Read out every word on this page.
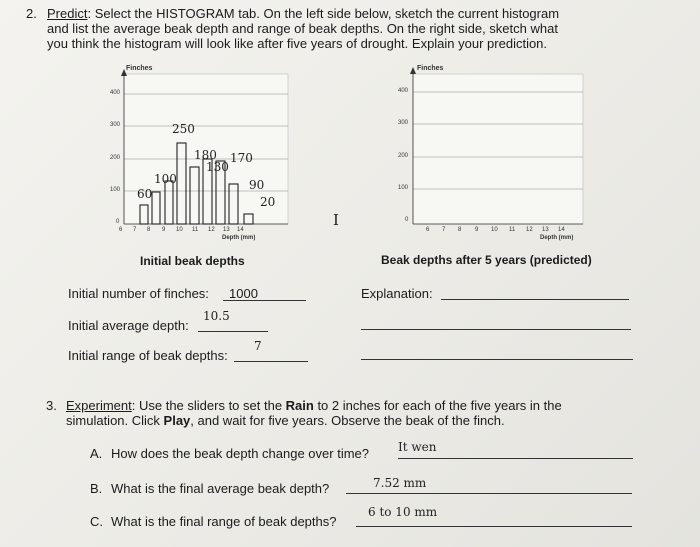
2. Predict: Select the HISTOGRAM tab. On the left side below, sketch the current histogram
and list the average beak depth and range of beak depths. On the right side, sketch what
you think the histogram will look like after five years of drought. Explain your prediction.
Finches
400
300
200
100
0
6 7 8 9 10 11 12 13 14
Depth (mm)
250
180 170
130
100	90
60
20
Initial beak depths
I
Finches
400
300
200
100
0
6 7 8 9 10 11 12 13 14
Depth (mm)
Beak depths after 5 years (predicted)
Initial number of finches: 1000
Initial average depth:
10.5
Initial range of beak depths:
7
Explanation:
3. Experiment: Use the sliders to set the Rain to 2 inches for each of the five years in the
simulation. Click Play, and wait for five years. Observe the beak of the finch.
A. How does the beak depth change over time? It wen
B. What is the final average beak depth?	7.52 mm
C. What is the final range of beak depths?
6 to 10 mm
